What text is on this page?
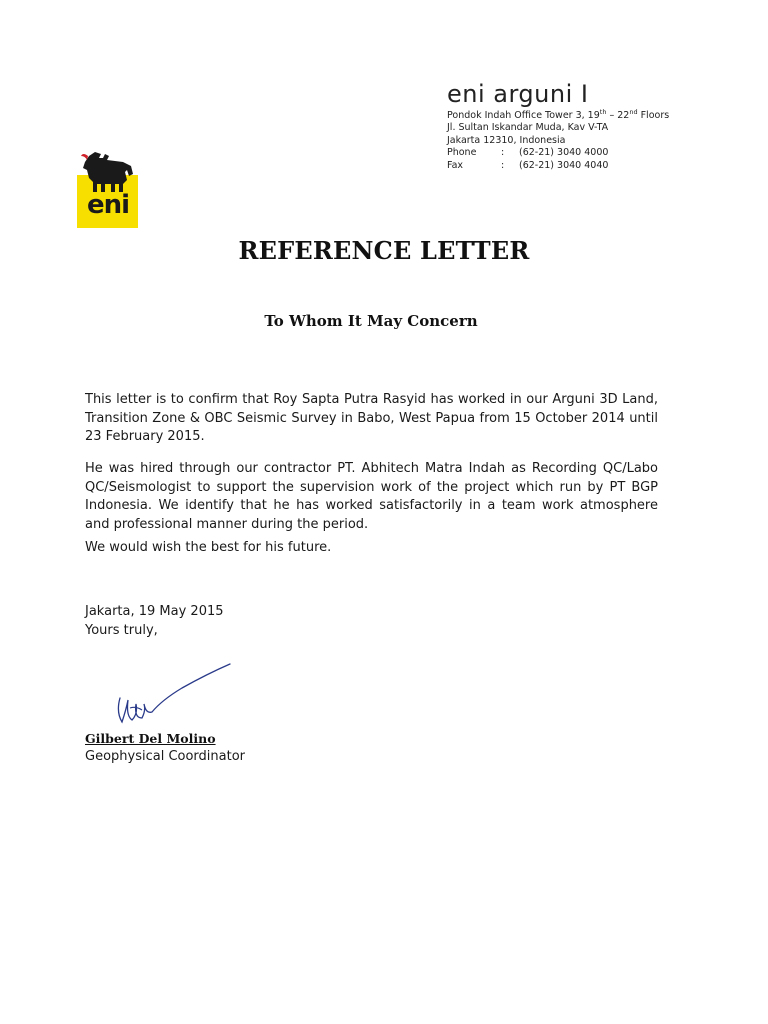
eni
eni arguni I
Pondok Indah Office Tower 3, 19th – 22nd Floors
Jl. Sultan Iskandar Muda, Kav V-TA
Jakarta 12310, Indonesia
Phone	:	(62-21) 3040 4000
Fax	:	(62-21) 3040 4040
REFERENCE LETTER
To Whom It May Concern
This letter is to confirm that Roy Sapta Putra Rasyid has worked in our Arguni 3D Land, Transition Zone & OBC Seismic Survey in Babo, West Papua from 15 October 2014 until 23 February 2015.
He was hired through our contractor PT. Abhitech Matra Indah as Recording QC/Labo QC/Seismologist to support the supervision work of the project which run by PT BGP Indonesia. We identify that he has worked satisfactorily in a team work atmosphere and professional manner during the period.
We would wish the best for his future.
Jakarta, 19 May 2015
Yours truly,
Gilbert Del Molino
Geophysical Coordinator
